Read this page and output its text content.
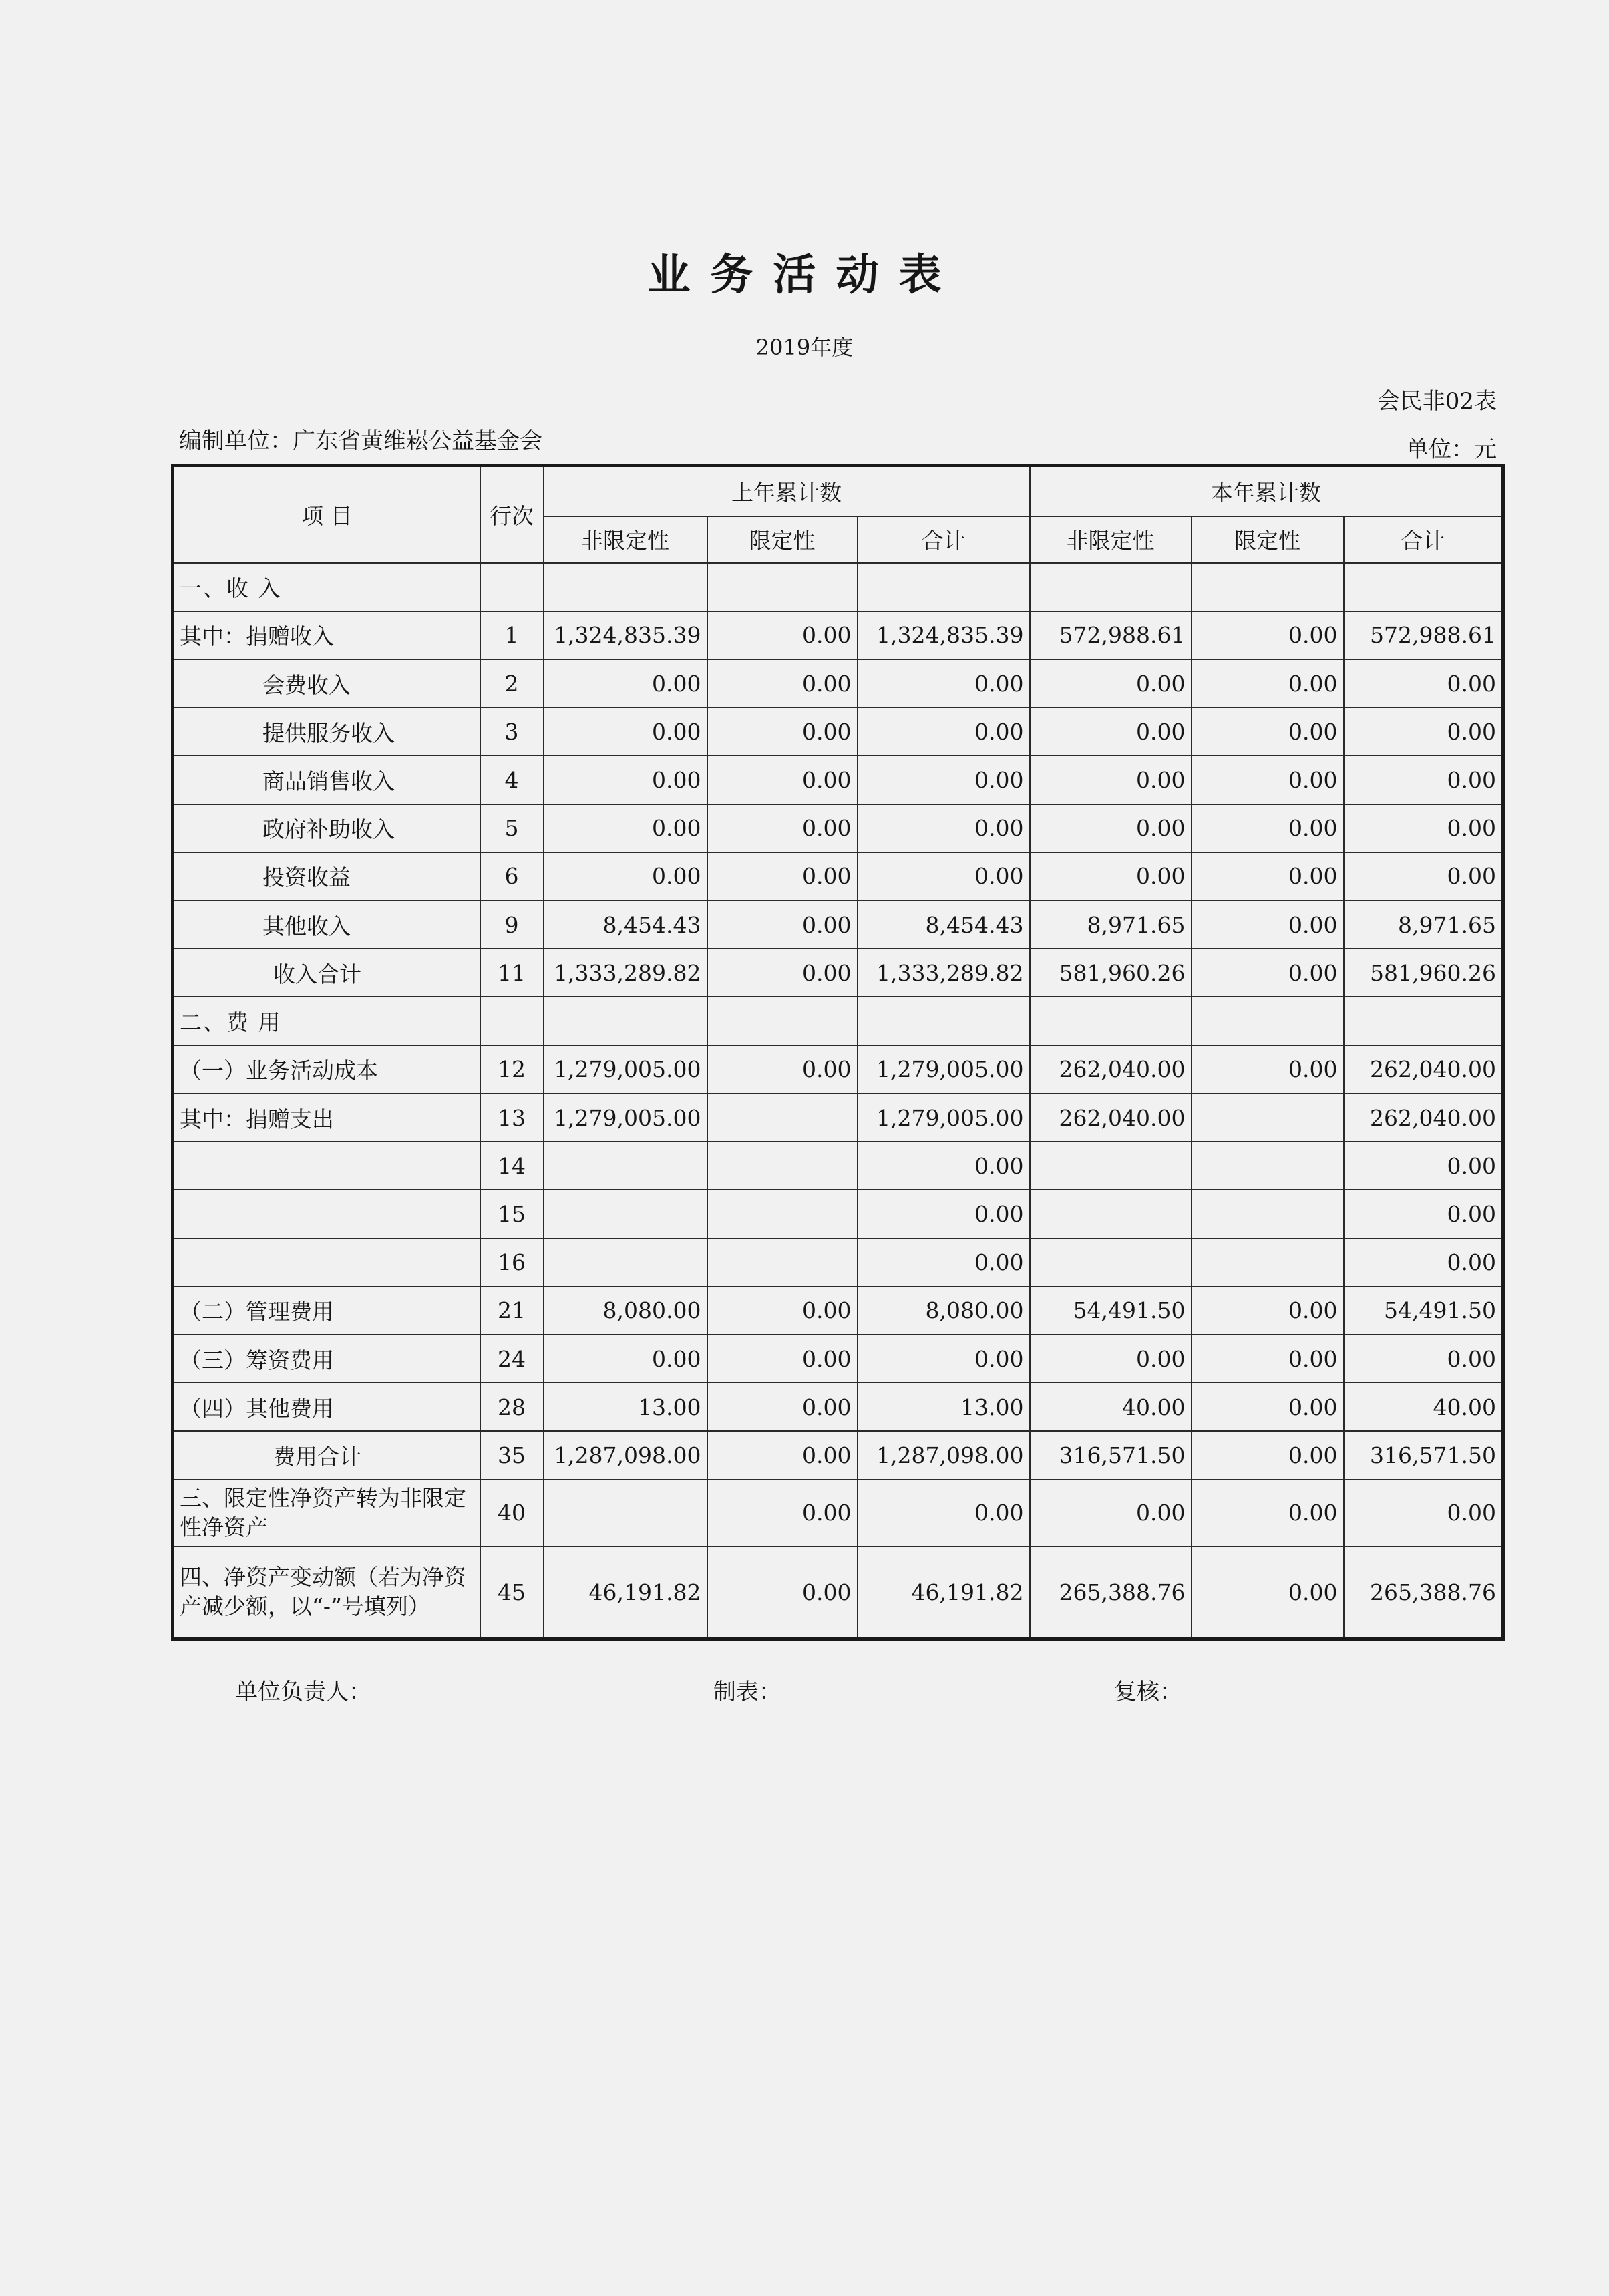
业务活动表
2019年度
会民非02表
编制单位：广东省黄维崧公益基金会	单位：元
项 目	行次	上年累计数			本年累计数		
		非限定性	限定性	合计	非限定性	限定性	合计
一、收 入							
其中：捐赠收入	1	1,324,835.39	0.00	1,324,835.39	572,988.61	0.00	572,988.61
会费收入	2	0.00	0.00	0.00	0.00	0.00	0.00
提供服务收入	3	0.00	0.00	0.00	0.00	0.00	0.00
商品销售收入	4	0.00	0.00	0.00	0.00	0.00	0.00
政府补助收入	5	0.00	0.00	0.00	0.00	0.00	0.00
投资收益	6	0.00	0.00	0.00	0.00	0.00	0.00
其他收入	9	8,454.43	0.00	8,454.43	8,971.65	0.00	8,971.65
收入合计	11	1,333,289.82	0.00	1,333,289.82	581,960.26	0.00	581,960.26
二、费 用							
（一）业务活动成本	12	1,279,005.00	0.00	1,279,005.00	262,040.00	0.00	262,040.00
其中：捐赠支出	13	1,279,005.00		1,279,005.00	262,040.00		262,040.00
	14			0.00			0.00
	15			0.00			0.00
	16			0.00			0.00
（二）管理费用	21	8,080.00	0.00	8,080.00	54,491.50	0.00	54,491.50
（三）筹资费用	24	0.00	0.00	0.00	0.00	0.00	0.00
（四）其他费用	28	13.00	0.00	13.00	40.00	0.00	40.00
费用合计	35	1,287,098.00	0.00	1,287,098.00	316,571.50	0.00	316,571.50
三、限定性净资产转为非限定性净资产	40		0.00	0.00	0.00	0.00	0.00
四、净资产变动额（若为净资产减少额，以“-”号填列）	45	46,191.82	0.00	46,191.82	265,388.76	0.00	265,388.76
单位负责人：	制表：	复核：
